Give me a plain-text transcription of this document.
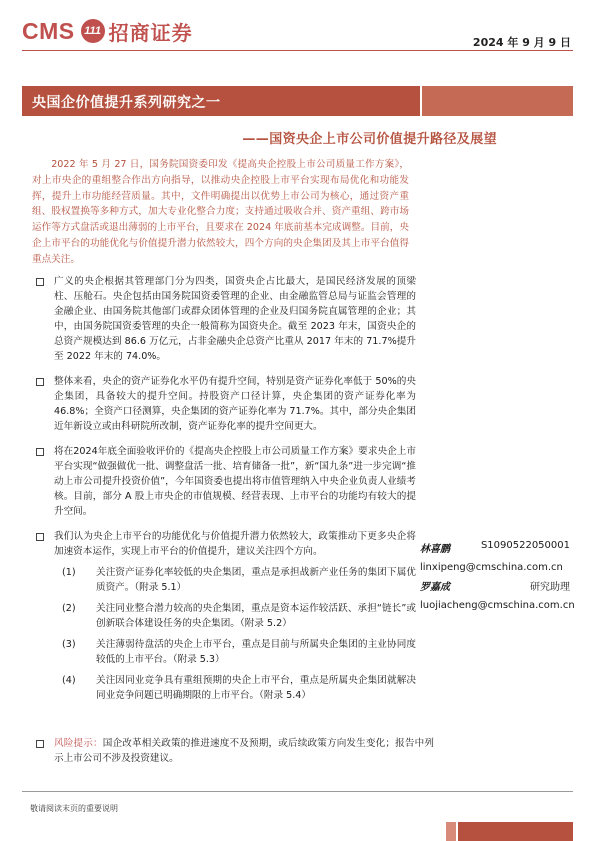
CMS 111 招商证券	2024 年 9 月 9 日
央国企价值提升系列研究之一
——国资央企上市公司价值提升路径及展望

2022 年 5 月 27 日，国务院国资委印发《提高央企控股上市公司质量工作方案》，对上市央企的重组整合作出方向指导，以推动央企控股上市平台实现布局优化和功能发挥，提升上市功能经营质量。其中，文件明确提出以优势上市公司为核心，通过资产重组、股权置换等多种方式，加大专业化整合力度；支持通过吸收合并、资产重组、跨市场运作等方式盘活或退出薄弱的上市平台，且要求在 2024 年底前基本完成调整。目前，央企上市平台的功能优化与价值提升潜力依然较大，四个方向的央企集团及其上市平台值得重点关注。

广义的央企根据其管理部门分为四类，国资央企占比最大，是国民经济发展的顶梁柱、压舱石。央企包括由国务院国资委管理的企业、由金融监管总局与证监会管理的金融企业、由国务院其他部门或群众团体管理的企业及归国务院直属管理的企业；其中，由国务院国资委管理的央企一般简称为国资央企。截至 2023 年末，国资央企的总资产规模达到 86.6 万亿元，占非金融央企总资产比重从 2017 年末的 71.7%提升至 2022 年末的 74.0%。
整体来看，央企的资产证券化水平仍有提升空间，特别是资产证券化率低于 50%的央企集团，具备较大的提升空间。持股资产口径计算，央企集团的资产证券化率为 46.8%；全资产口径测算，央企集团的资产证券化率为 71.7%。其中，部分央企集团近年新设立或由科研院所改制，资产证券化率的提升空间更大。
将在2024年底全面验收评价的《提高央企控股上市公司质量工作方案》要求央企上市平台实现“做强做优一批、调整盘活一批、培育储备一批”，新“国九条”进一步完调“推动上市公司提升投资价值”，今年国资委也提出将市值管理纳入中央企业负责人业绩考核。目前，部分 A 股上市央企的市值规模、经营表现、上市平台的功能均有较大的提升空间。
我们认为央企上市平台的功能优化与价值提升潜力依然较大，政策推动下更多央企将加速资本运作，实现上市平台的价值提升，建议关注四个方向。
(1) 关注资产证券化率较低的央企集团，重点是承担战新产业任务的集团下属优质资产。（附录 5.1）
(2) 关注同业整合潜力较高的央企集团，重点是资本运作较活跃、承担“链长”或创新联合体建设任务的央企集团。（附录 5.2）
(3) 关注薄弱待盘活的央企上市平台，重点是目前与所属央企集团的主业协同度较低的上市平台。（附录 5.3）
(4) 关注因同业竞争具有重组预期的央企上市平台，重点是所属央企集团就解决同业竞争问题已明确期限的上市平台。（附录 5.4）

风险提示：国企改革相关政策的推进速度不及预期，或后续政策方向发生变化；报告中列示上市公司不涉及投资建议。

林喜鹏	S1090522050001
linxipeng@cmschina.com.cn
罗嘉成	研究助理
luojiacheng@cmschina.com.cn
敬请阅读末页的重要说明
